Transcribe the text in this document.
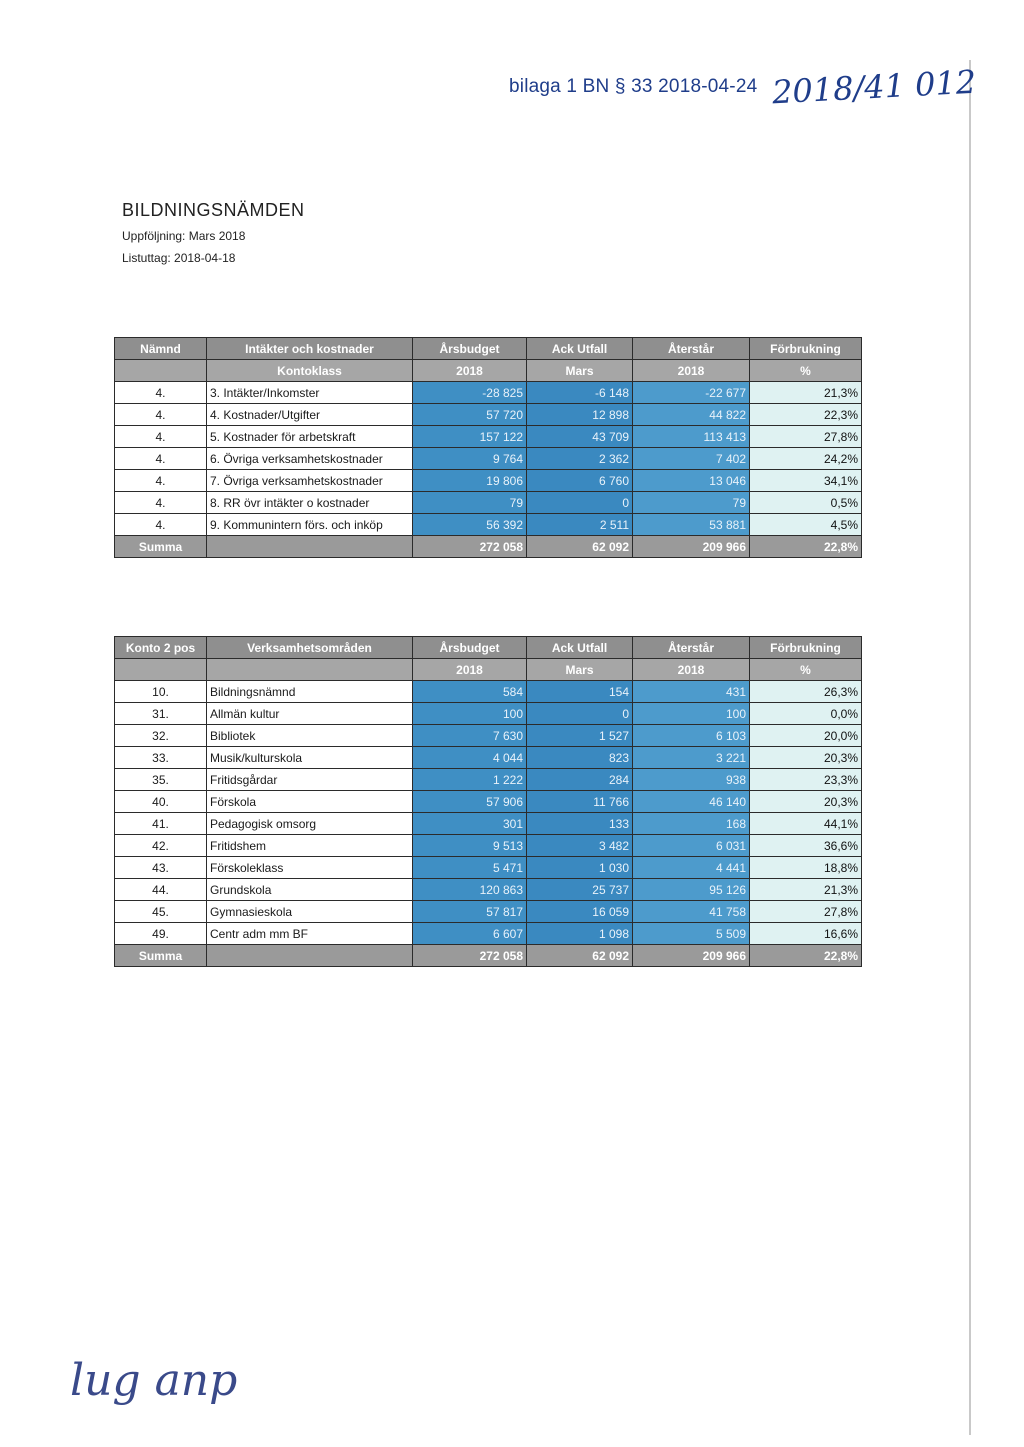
bilaga 1 BN § 33 2018-04-24 2018/41 012
BILDNINGSNÄMDEN
Uppföljning: Mars 2018
Listuttag: 2018-04-18
Nämnd	Intäkter och kostnader	Årsbudget	Ack Utfall	Återstår	Förbrukning
	Kontoklass	2018	Mars	2018	%
4.	3. Intäkter/Inkomster	-28 825	-6 148	-22 677	21,3%
4.	4. Kostnader/Utgifter	57 720	12 898	44 822	22,3%
4.	5. Kostnader för arbetskraft	157 122	43 709	113 413	27,8%
4.	6. Övriga verksamhetskostnader	9 764	2 362	7 402	24,2%
4.	7. Övriga verksamhetskostnader	19 806	6 760	13 046	34,1%
4.	8. RR övr intäkter o kostnader	79	0	79	0,5%
4.	9. Kommunintern förs. och inköp	56 392	2 511	53 881	4,5%
Summa		272 058	62 092	209 966	22,8%
Konto 2 pos	Verksamhetsområden	Årsbudget	Ack Utfall	Återstår	Förbrukning
		2018	Mars	2018	%
10.	Bildningsnämnd	584	154	431	26,3%
31.	Allmän kultur	100	0	100	0,0%
32.	Bibliotek	7 630	1 527	6 103	20,0%
33.	Musik/kulturskola	4 044	823	3 221	20,3%
35.	Fritidsgårdar	1 222	284	938	23,3%
40.	Förskola	57 906	11 766	46 140	20,3%
41.	Pedagogisk omsorg	301	133	168	44,1%
42.	Fritidshem	9 513	3 482	6 031	36,6%
43.	Förskoleklass	5 471	1 030	4 441	18,8%
44.	Grundskola	120 863	25 737	95 126	21,3%
45.	Gymnasieskola	57 817	16 059	41 758	27,8%
49.	Centr adm mm BF	6 607	1 098	5 509	16,6%
Summa		272 058	62 092	209 966	22,8%
lug anp
